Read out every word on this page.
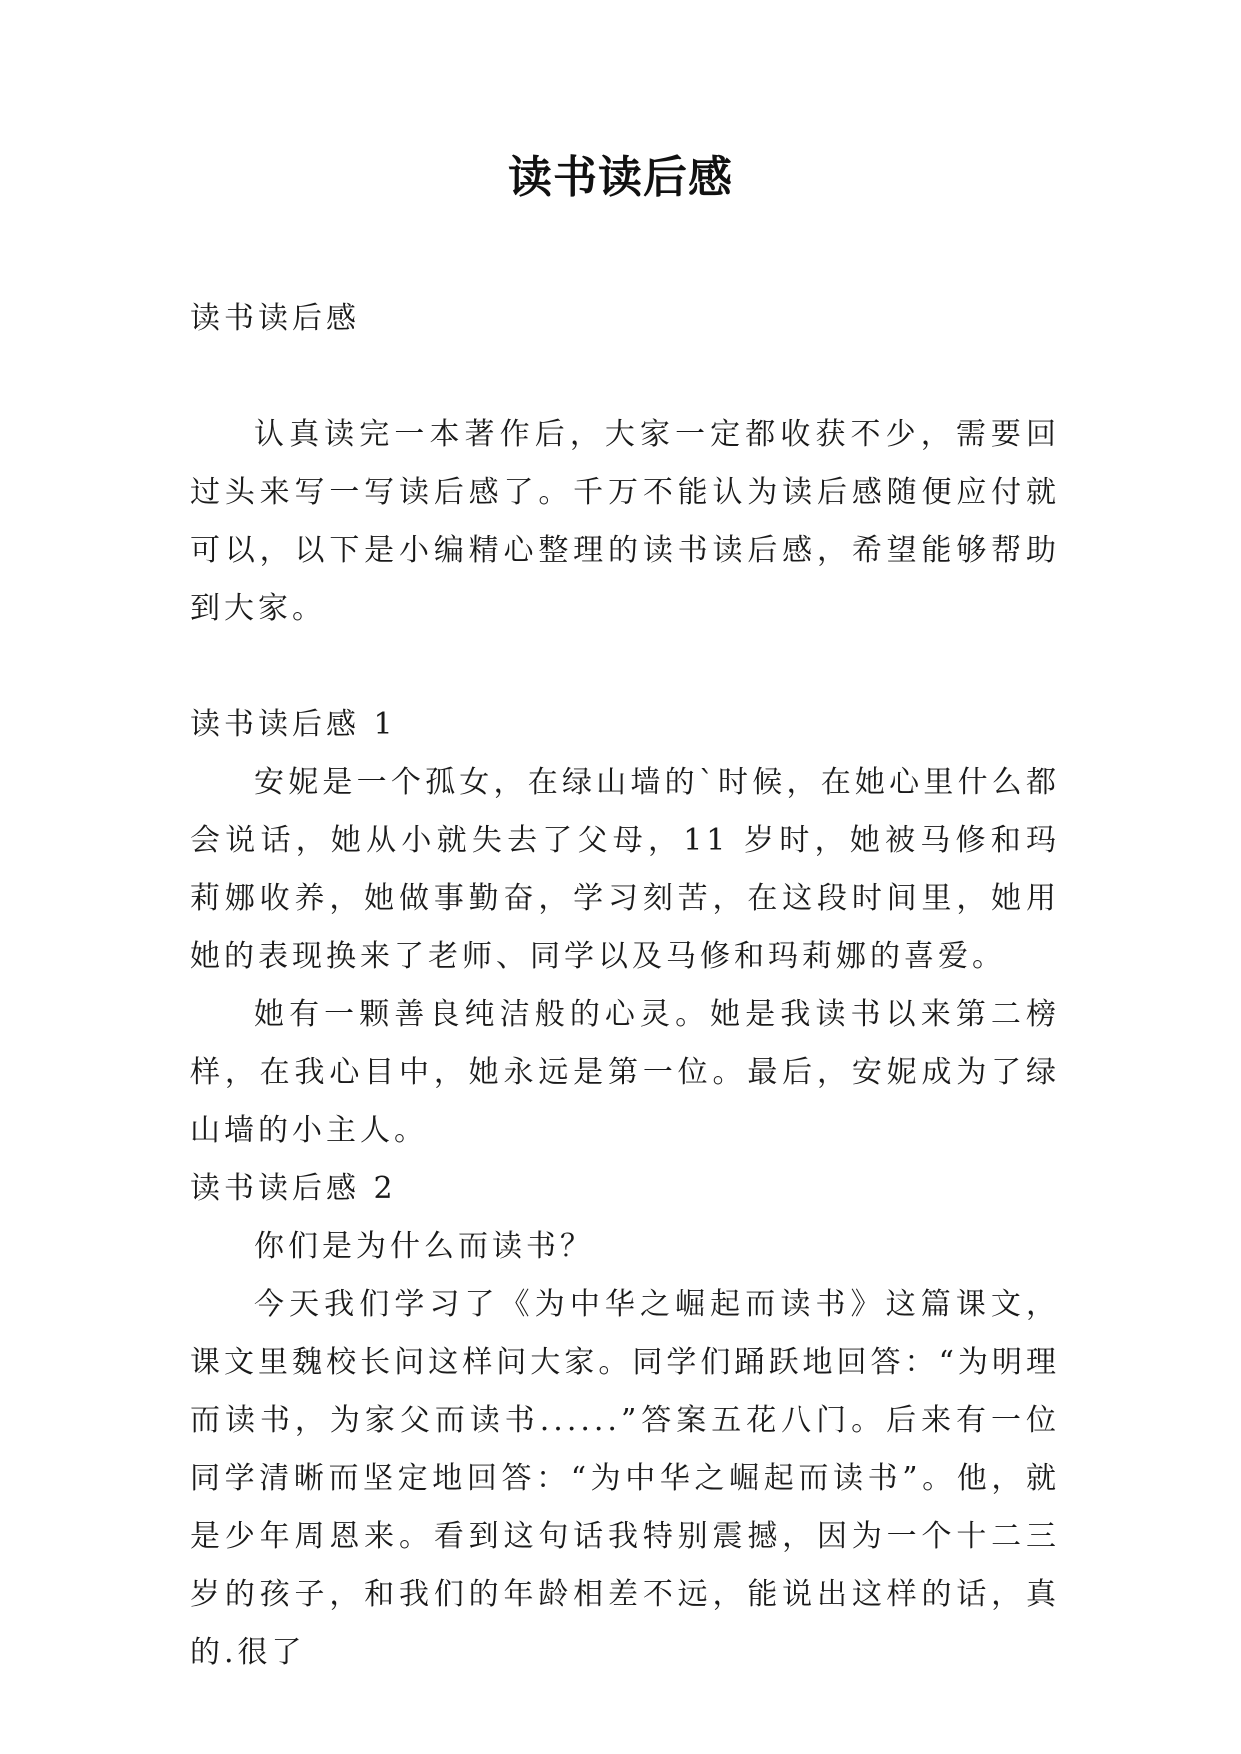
读书读后感

读书读后感

认真读完一本著作后，大家一定都收获不少，需要回过头来写一写读后感了。千万不能认为读后感随便应付就可以，以下是小编精心整理的读书读后感，希望能够帮助到大家。

读书读后感 1

安妮是一个孤女，在绿山墙的`时候，在她心里什么都会说话，她从小就失去了父母，11 岁时，她被马修和玛莉娜收养，她做事勤奋，学习刻苦，在这段时间里，她用她的表现换来了老师、同学以及马修和玛莉娜的喜爱。

她有一颗善良纯洁般的心灵。她是我读书以来第二榜样，在我心目中，她永远是第一位。最后，安妮成为了绿山墙的小主人。

读书读后感 2

你们是为什么而读书？

今天我们学习了《为中华之崛起而读书》这篇课文，课文里魏校长问这样问大家。同学们踊跃地回答：“为明理而读书，为家父而读书......”答案五花八门。后来有一位同学清晰而坚定地回答：“为中华之崛起而读书”。他，就是少年周恩来。看到这句话我特别震撼，因为一个十二三岁的孩子，和我们的年龄相差不远，能说出这样的话，真的.很了
